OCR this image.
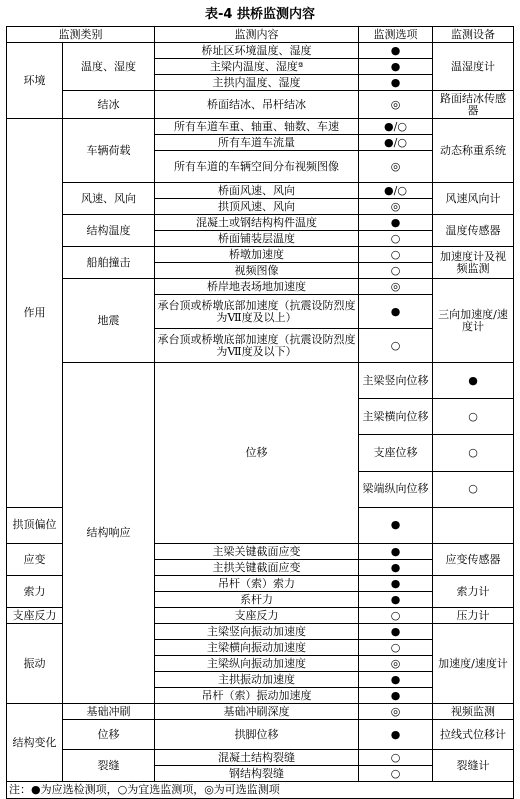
表-4 拱桥监测内容
监测类别		监测内容	监测选项	监测设备	
环境	温度、湿度	桥址区环境温度、湿度	●	温湿度计	
		主梁内温度、湿度ª	●		
		主拱内温度、湿度	●		
	结冰	桥面结冰、吊杆结冰	◎	路面结冰传感器	
作用	车辆荷载	所有车道车重、轴重、轴数、车速	●/○	动态称重系统	
		所有车道车流量	●/○		
		所有车道的车辆空间分布视频图像	◎		
	风速、风向	桥面风速、风向	●/○	风速风向计	
		拱顶风速、风向	◎		
	结构温度	混凝土或钢结构构件温度	●	温度传感器	
		桥面铺装层温度	○		
	船舶撞击	桥墩加速度	○	加速度计及视频监测	
		视频图像	○		
	地震	桥岸地表场地加速度	◎	三向加速度/速度计	
		承台顶或桥墩底部加速度（抗震设防烈度为Ⅶ度及以上）	●		
		承台顶或桥墩底部加速度（抗震设防烈度为Ⅶ度及以下）	○		
	结构响应	位移	主梁竖向位移	●	
			主梁横向位移	○	
			支座位移	○	
			梁端纵向位移	○	
拱顶偏位			●		
应变		主梁关键截面应变	●	应变传感器	
		主拱关键截面应变	●		
索力		吊杆（索）索力	●	索力计	
		系杆力	●		
支座反力		支座反力	○	压力计	
振动		主梁竖向振动加速度	●	加速度/速度计	
		主梁横向振动加速度	○		
		主梁纵向振动加速度	◎		
		主拱振动加速度	●		
		吊杆（索）振动加速度	●		
结构变化	基础冲刷	基础冲刷深度	◎	视频监测	
	位移	拱脚位移	●	拉线式位移计	
	裂缝	混凝土结构裂缝	○	裂缝计	
		钢结构裂缝	○		
注：●为应选检测项，○为宜选监测项，◎为可选监测项					
